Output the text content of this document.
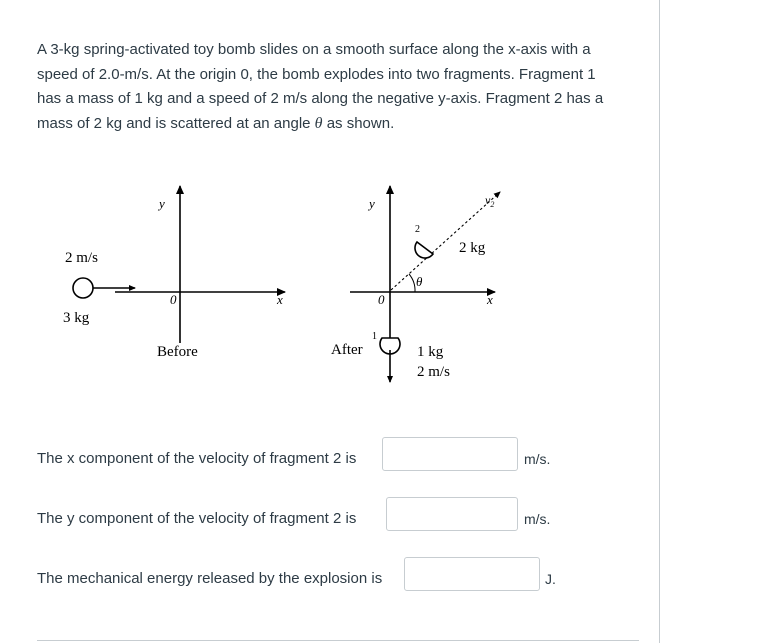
A 3-kg spring-activated toy bomb slides on a smooth surface along the x-axis with a
speed of 2.0-m/s. At the origin 0, the bomb explodes into two fragments. Fragment 1
has a mass of 1 kg and a speed of 2 m/s along the negative y-axis. Fragment 2 has a
mass of 2 kg and is scattered at an angle θ as shown.

y
x
0
2 m/s
3 kg
Before
y
x
0
2
2 kg
$v_2$
θ
1
1 kg
2 m/s
After
The x component of the velocity of fragment 2 is	m/s.
The y component of the velocity of fragment 2 is	m/s.
The mechanical energy released by the explosion is	J.
